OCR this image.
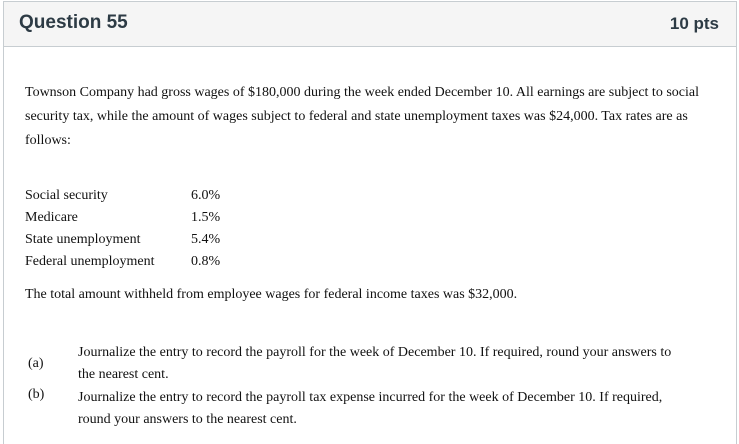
Question 55	10 pts

Townson Company had gross wages of $180,000 during the week ended December 10. All earnings are subject to social security tax, while the amount of wages subject to federal and state unemployment taxes was $24,000. Tax rates are as follows:

Social security	6.0%
Medicare	1.5%
State unemployment	5.4%
Federal unemployment	0.8%

The total amount withheld from employee wages for federal income taxes was $32,000.

(a)
Journalize the entry to record the payroll for the week of December 10. If required, round your answers to the nearest cent.
(b) Journalize the entry to record the payroll tax expense incurred for the week of December 10. If required, round your answers to the nearest cent.
